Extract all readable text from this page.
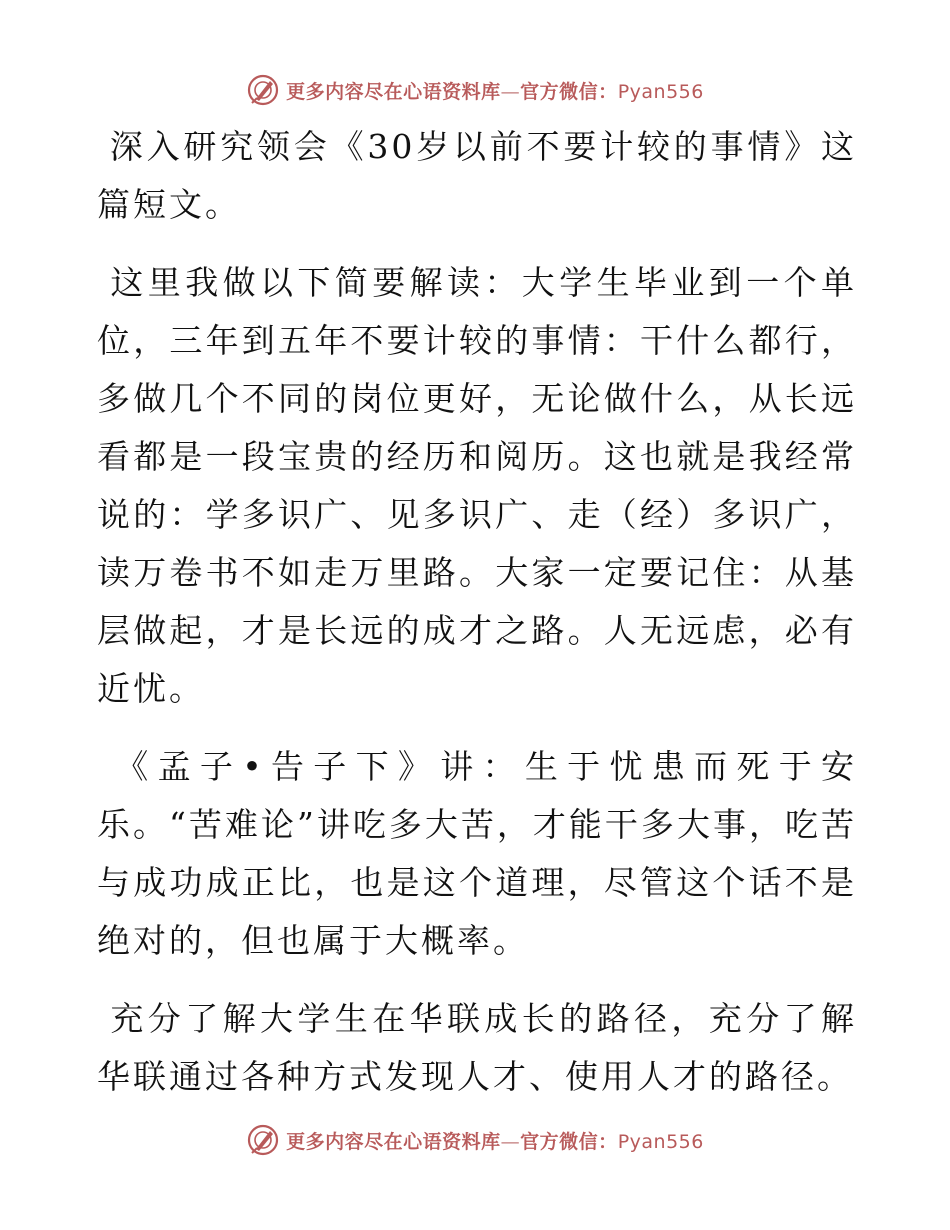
更多内容尽在心语资料库—官方微信：Pyan556

深入研究领会《30岁以前不要计较的事情》这篇短文。

这里我做以下简要解读：大学生毕业到一个单位，三年到五年不要计较的事情：干什么都行，多做几个不同的岗位更好，无论做什么，从长远看都是一段宝贵的经历和阅历。这也就是我经常说的：学多识广、见多识广、走（经）多识广，读万卷书不如走万里路。大家一定要记住：从基层做起，才是长远的成才之路。人无远虑，必有近忧。

《孟子•告子下》讲：生于忧患而死于安乐。“苦难论”讲吃多大苦，才能干多大事，吃苦与成功成正比，也是这个道理，尽管这个话不是绝对的，但也属于大概率。

充分了解大学生在华联成长的路径，充分了解华联通过各种方式发现人才、使用人才的路径。

更多内容尽在心语资料库—官方微信：Pyan556
